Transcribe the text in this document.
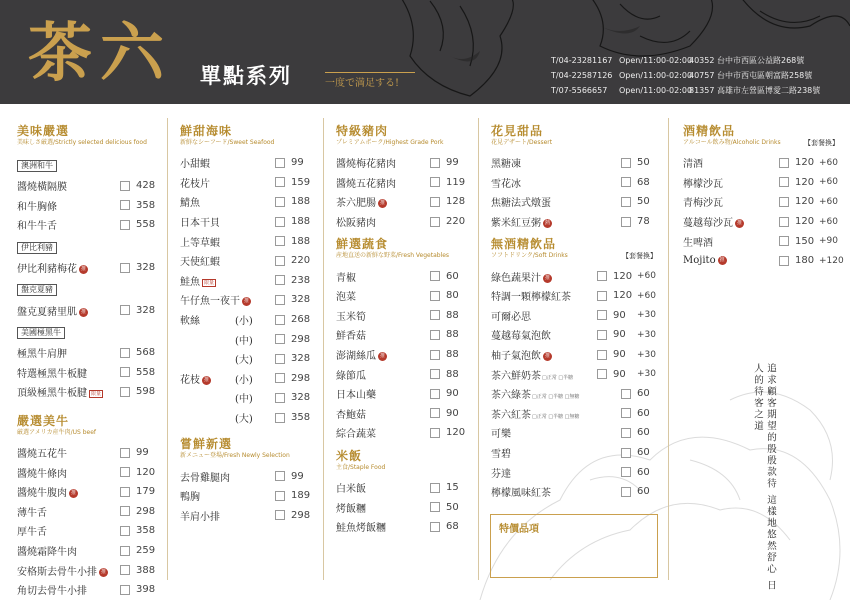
茶六 單點系列	一度で満足する!
T/04-23281167 Open/11:00-02:00
40352 台中市西區公益路268號
T/04-22587126 Open/11:00-02:00
40757 台中市西屯區朝富路258號
T/07-5566657	Open/11:00-02:00
81357 高雄市左營區博愛二路238號
美味嚴選
美味しさ厳選/Strictly selected delicious food
澳洲和牛

醬燒橫隔膜	428
和牛胸條	358
和牛牛舌	558
伊比利豬

伊比利豬梅花 推	328
盤克夏豬

盤克夏豬里肌 推	328
美國極黑牛

極黑牛肩胛	568
特選極黑牛板腱	558
頂級極黑牛板腱 限量	598
嚴選美牛
厳選アメリカ産牛肉/US beef
醬燒五花牛	99
醬燒牛條肉	120
醬燒牛腹肉 推	179
薄牛舌	298
厚牛舌	358
醬燒霜降牛肉	259
安格斯去骨牛小排 推	388
角切去骨牛小排	398
鮮甜海味
新鮮なシーフード/Sweet Seafood
小甜蝦	99
花枝片	159
鯖魚	188
日本干貝	188
上等草蝦	188
天使紅蝦	220
鮭魚 限量	238
午仔魚一夜干 推	328
軟絲	(小)	268
(中)	298
(大)	328
花枝 推	(小)	298
(中)	328
(大)	358
嘗鮮新選
新メニュー登場/Fresh Newly Selection
去骨雞腿肉	99
鴨胸	189
羊肩小排	298
特級豬肉
プレミアムポーク/Highest Grade Pork
醬燒梅花豬肉	99
醬燒五花豬肉	119
茶六肥腸 推	128
松阪豬肉	220
鮮選蔬食
産地直送の新鮮な野菜/Fresh Vegetables
青椒	60
泡菜	80
玉米筍	88
鮮香菇	88
澎湖絲瓜 推	88
綠節瓜	88
日本山藥	90
杏鮑菇	90
綜合蔬菜	120
米飯
主食/Staple Food
白米飯	15
烤飯糰	50
鮭魚烤飯糰	68
花見甜品
花見デザート/Dessert
黑糖凍	50
雪花冰	68
焦糖法式燉蛋	50
紫米紅豆粥 熱	78
無酒精飲品
ソフトドリンク/Soft Drinks	【套餐換】
綠色蔬果汁 推	120 +60
特調一顆檸檬紅茶	120 +60
可爾必思	90	+30
蔓越莓氣泡飲	90	+30
柚子氣泡飲 推	90	+30
茶六鮮奶茶□正常 □半糖	90	+30
茶六綠茶□正常 □半糖 □無糖	60
茶六紅茶□正常 □半糖 □無糖	60
可樂	60
雪碧	60
芬達	60
檸檬風味紅茶	60
酒精飲品
アルコール飲み物/Alcoholic Drinks	【套餐換】
清酒	120 +60
檸檬沙瓦	120 +60
青梅沙瓦	120 +60
蔓越莓沙瓦 推	120 +60
生啤酒	150 +90
Mojito 推	180 +120
特價品項	追求顧客期望的殷殷款待 這樣地悠然舒心 日人的待客之道
